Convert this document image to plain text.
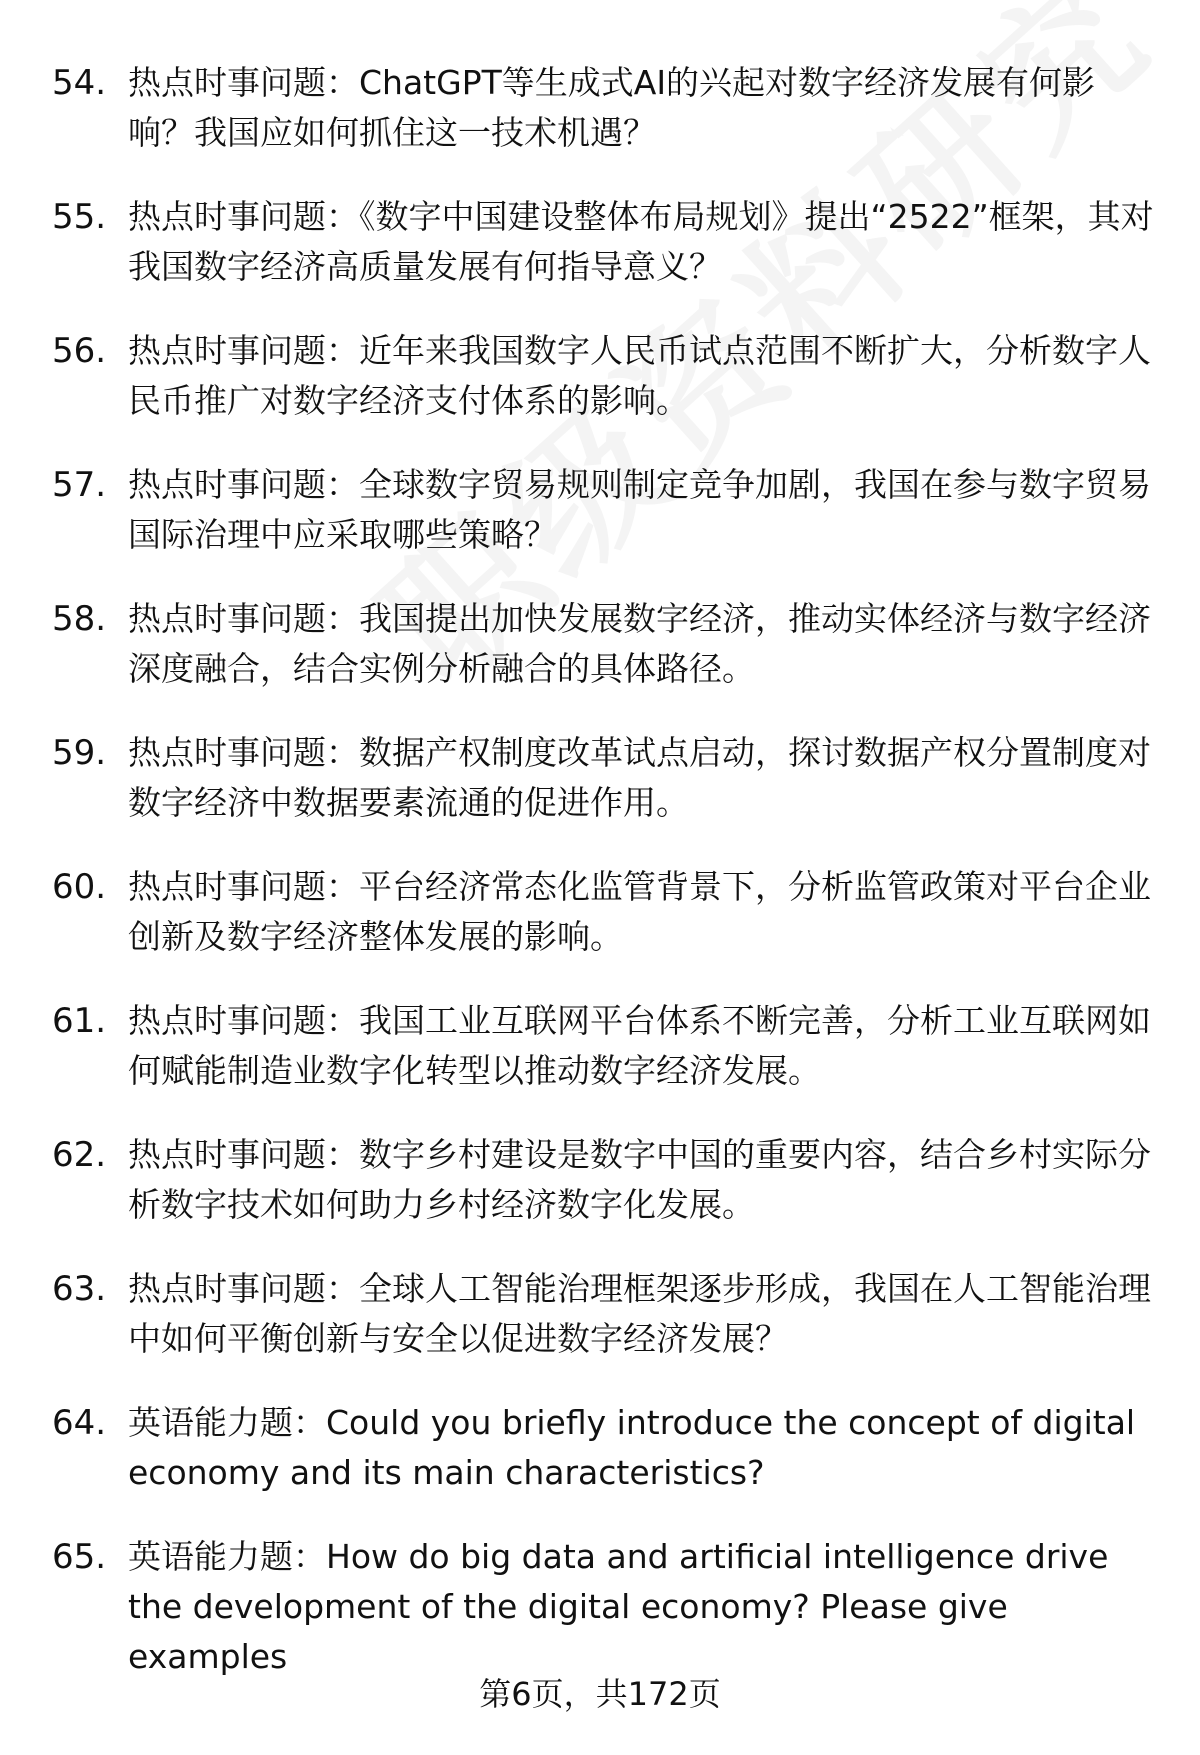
54. 热点时事问题：ChatGPT等生成式AI的兴起对数字经济发展有何影响？我国应如何抓住这一技术机遇？
55. 热点时事问题：《数字中国建设整体布局规划》提出“2522”框架，其对我国数字经济高质量发展有何指导意义？
56. 热点时事问题：近年来我国数字人民币试点范围不断扩大，分析数字人民币推广对数字经济支付体系的影响。
57. 热点时事问题：全球数字贸易规则制定竞争加剧，我国在参与数字贸易国际治理中应采取哪些策略？
58. 热点时事问题：我国提出加快发展数字经济，推动实体经济与数字经济深度融合，结合实例分析融合的具体路径。
59. 热点时事问题：数据产权制度改革试点启动，探讨数据产权分置制度对数字经济中数据要素流通的促进作用。
60. 热点时事问题：平台经济常态化监管背景下，分析监管政策对平台企业创新及数字经济整体发展的影响。
61. 热点时事问题：我国工业互联网平台体系不断完善，分析工业互联网如何赋能制造业数字化转型以推动数字经济发展。
62. 热点时事问题：数字乡村建设是数字中国的重要内容，结合乡村实际分析数字技术如何助力乡村经济数字化发展。
63. 热点时事问题：全球人工智能治理框架逐步形成，我国在人工智能治理中如何平衡创新与安全以促进数字经济发展？
64. 英语能力题：Could you briefly introduce the concept of digital economy and its main characteristics?
65. 英语能力题：How do big data and artificial intelligence drive the development of the digital economy? Please give examples
第6页，共172页
